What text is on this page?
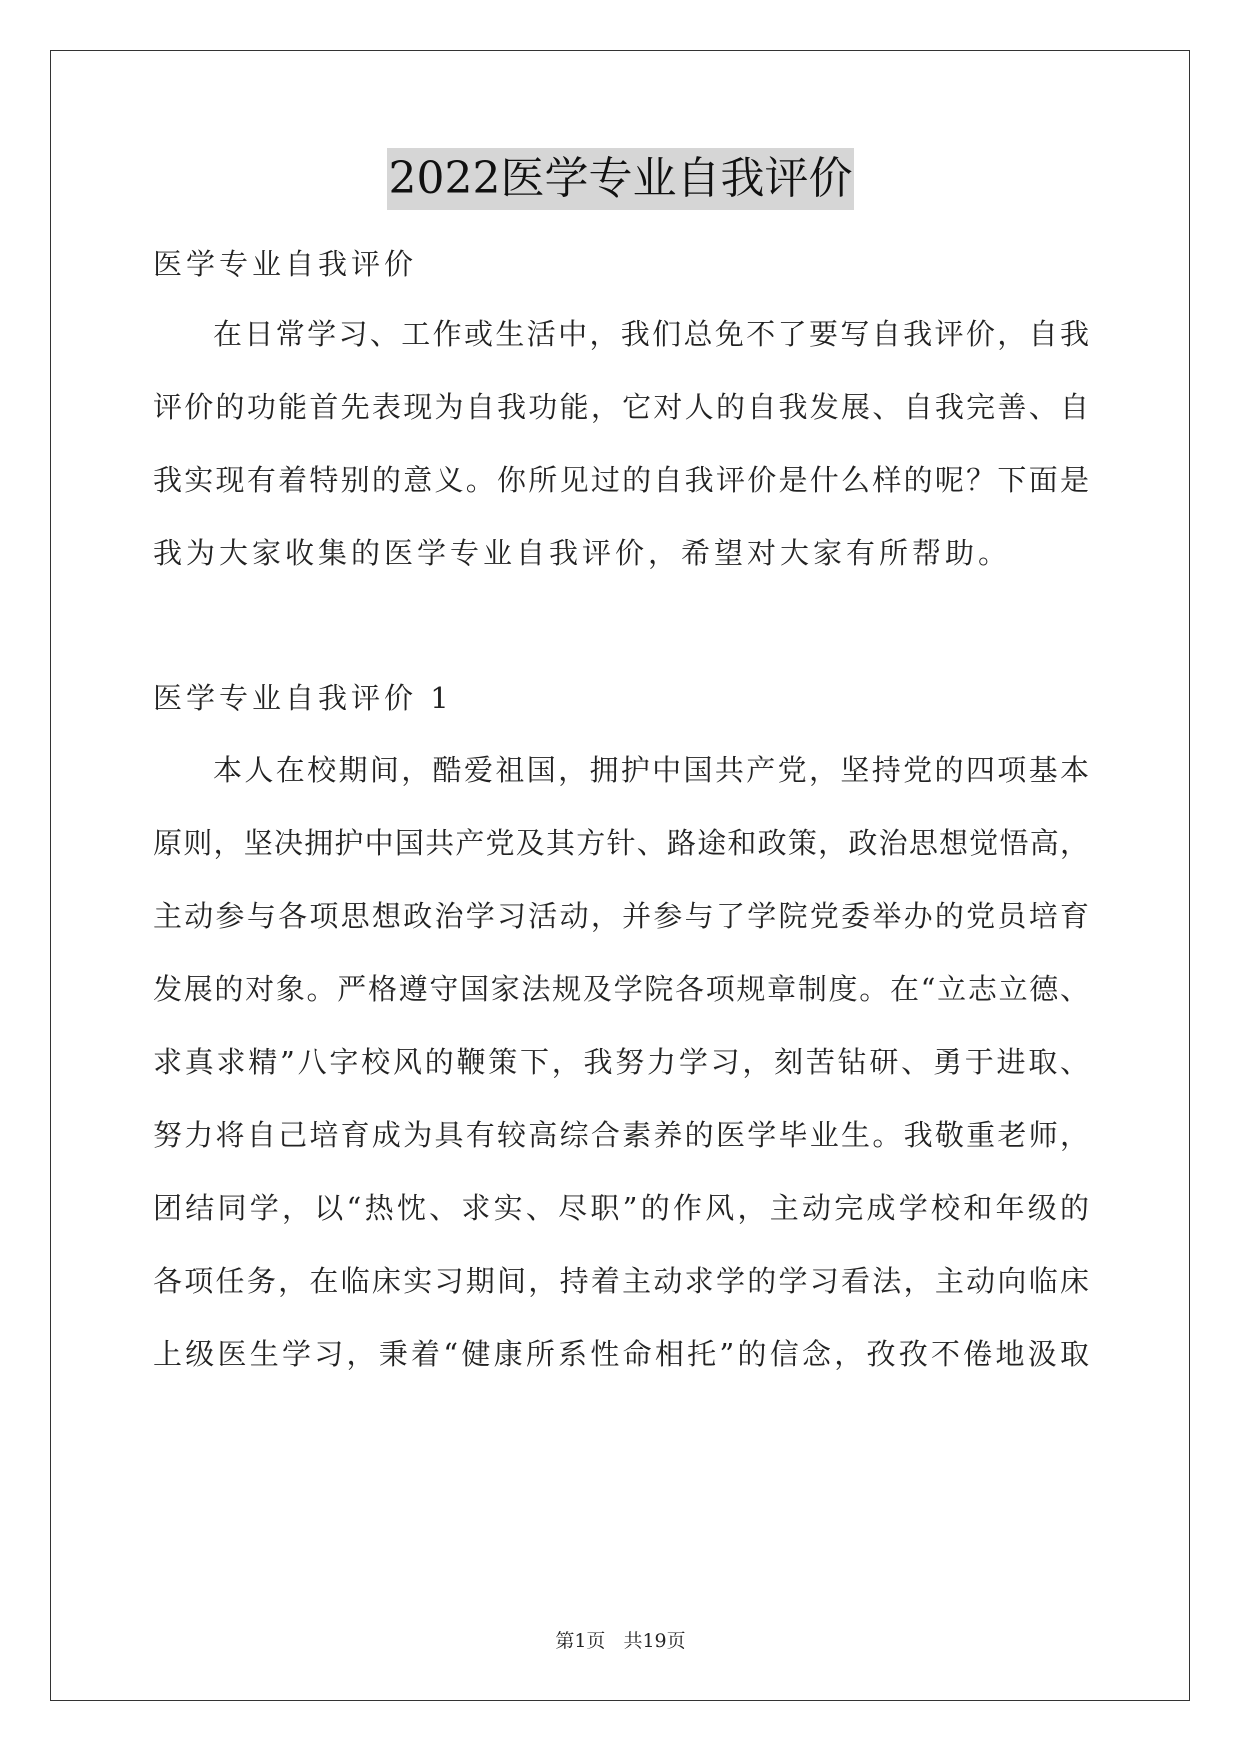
2022医学专业自我评价
医学专业自我评价
在日常学习、工作或生活中，我们总免不了要写自我评价，自我
评价的功能首先表现为自我功能，它对人的自我发展、自我完善、自
我实现有着特别的意义。你所见过的自我评价是什么样的呢？下面是
我为大家收集的医学专业自我评价，希望对大家有所帮助。
医学专业自我评价 1
本人在校期间，酷爱祖国，拥护中国共产党，坚持党的四项基本
原则，坚决拥护中国共产党及其方针、路途和政策，政治思想觉悟高，
主动参与各项思想政治学习活动，并参与了学院党委举办的党员培育
发展的对象。严格遵守国家法规及学院各项规章制度。在“立志立德、
求真求精”八字校风的鞭策下，我努力学习，刻苦钻研、勇于进取、
努力将自己培育成为具有较高综合素养的医学毕业生。我敬重老师，
团结同学，以“热忱、求实、尽职”的作风，主动完成学校和年级的
各项任务，在临床实习期间，持着主动求学的学习看法，主动向临床
上级医生学习，秉着“健康所系性命相托”的信念，孜孜不倦地汲取
第1页 共19页
